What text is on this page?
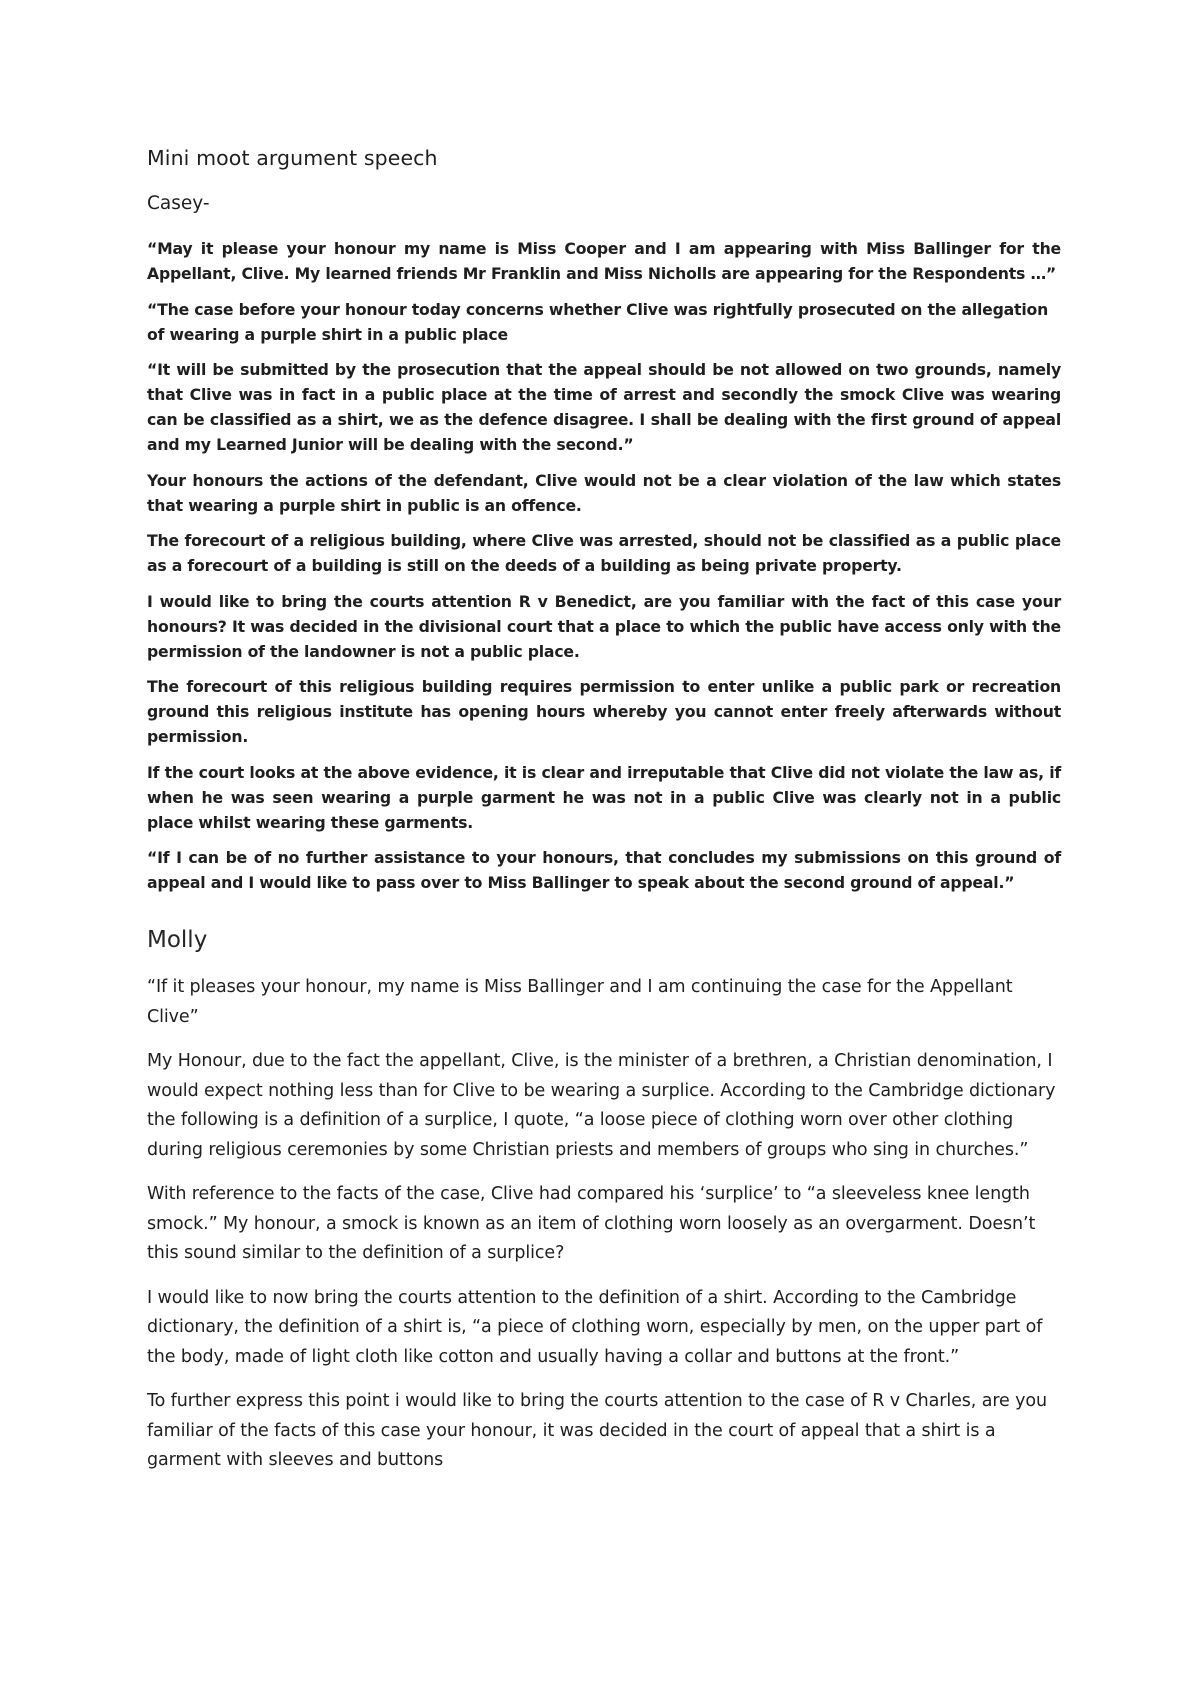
Mini moot argument speech
Casey-

“May it please your honour my name is Miss Cooper and I am appearing with Miss Ballinger for the Appellant, Clive. My learned friends Mr Franklin and Miss Nicholls are appearing for the Respondents …”

“The case before your honour today concerns whether Clive was rightfully prosecuted on the allegation of wearing a purple shirt in a public place

“It will be submitted by the prosecution that the appeal should be not allowed on two grounds, namely that Clive was in fact in a public place at the time of arrest and secondly the smock Clive was wearing can be classified as a shirt, we as the defence disagree. I shall be dealing with the first ground of appeal and my Learned Junior will be dealing with the second.”

Your honours the actions of the defendant, Clive would not be a clear violation of the law which states that wearing a purple shirt in public is an offence.

The forecourt of a religious building, where Clive was arrested, should not be classified as a public place as a forecourt of a building is still on the deeds of a building as being private property.

I would like to bring the courts attention R v Benedict, are you familiar with the fact of this case your honours? It was decided in the divisional court that a place to which the public have access only with the permission of the landowner is not a public place.

The forecourt of this religious building requires permission to enter unlike a public park or recreation ground this religious institute has opening hours whereby you cannot enter freely afterwards without permission.

If the court looks at the above evidence, it is clear and irreputable that Clive did not violate the law as, if when he was seen wearing a purple garment he was not in a public Clive was clearly not in a public place whilst wearing these garments.

“If I can be of no further assistance to your honours, that concludes my submissions on this ground of appeal and I would like to pass over to Miss Ballinger to speak about the second ground of appeal.”

Molly

“If it pleases your honour, my name is Miss Ballinger and I am continuing the case for the Appellant Clive”

My Honour, due to the fact the appellant, Clive, is the minister of a brethren, a Christian denomination, I would expect nothing less than for Clive to be wearing a surplice. According to the Cambridge dictionary the following is a definition of a surplice, I quote, “a loose piece of clothing worn over other clothing during religious ceremonies by some Christian priests and members of groups who sing in churches.”

With reference to the facts of the case, Clive had compared his ‘surplice’ to “a sleeveless knee length smock.” My honour, a smock is known as an item of clothing worn loosely as an overgarment. Doesn’t this sound similar to the definition of a surplice?

I would like to now bring the courts attention to the definition of a shirt. According to the Cambridge dictionary, the definition of a shirt is, “a piece of clothing worn, especially by men, on the upper part of the body, made of light cloth like cotton and usually having a collar and buttons at the front.”

To further express this point i would like to bring the courts attention to the case of R v Charles, are you familiar of the facts of this case your honour, it was decided in the court of appeal that a shirt is a garment with sleeves and buttons
